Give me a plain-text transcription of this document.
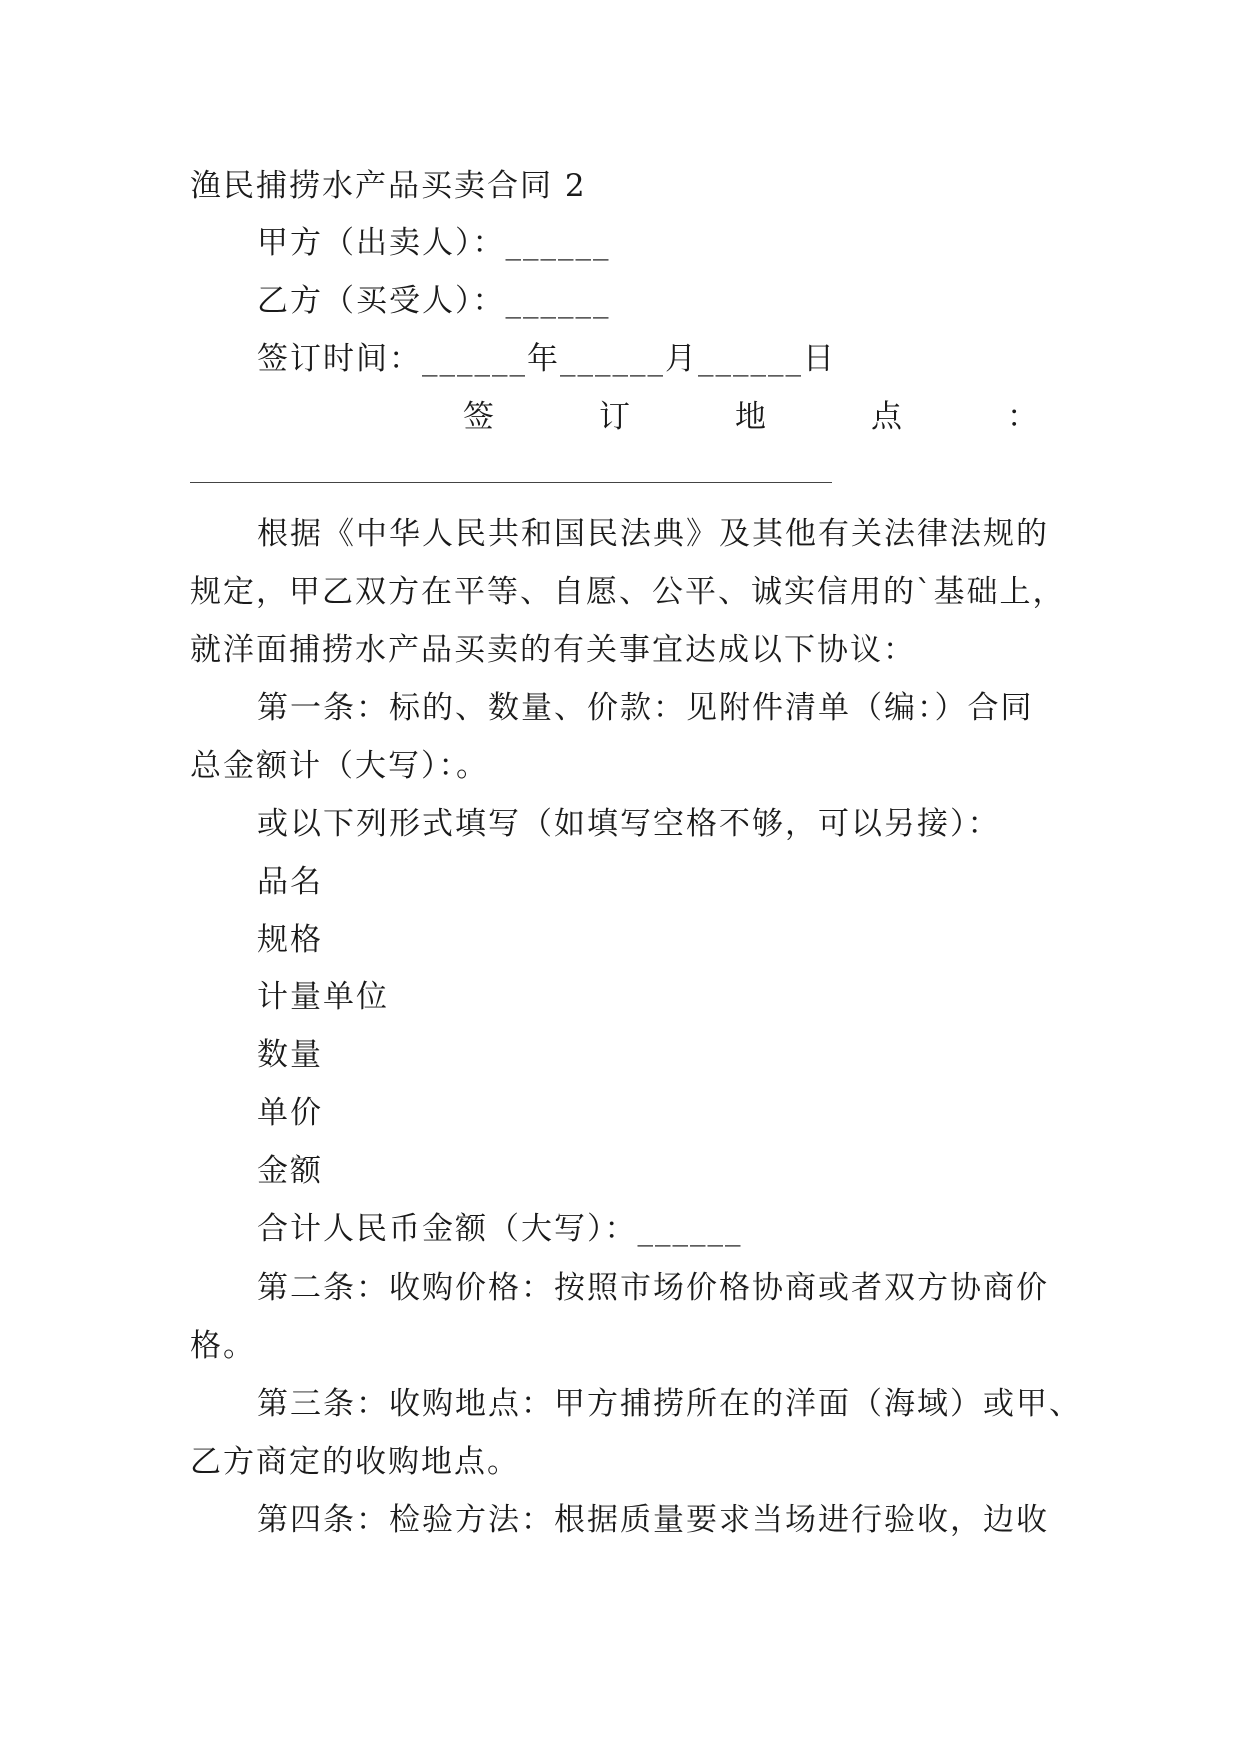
渔民捕捞水产品买卖合同 2
甲方（出卖人）：______
乙方（买受人）：______
签订时间：______年______月______日
签	订	地	点	：
根据《中华人民共和国民法典》及其他有关法律法规的
规定，甲乙双方在平等、自愿、公平、诚实信用的`基础上，
就洋面捕捞水产品买卖的有关事宜达成以下协议：
第一条：标的、数量、价款：见附件清单（编：）合同
总金额计（大写）：。
或以下列形式填写（如填写空格不够，可以另接）：
品名
规格
计量单位
数量
单价
金额
合计人民币金额（大写）：______
第二条：收购价格：按照市场价格协商或者双方协商价
格。
第三条：收购地点：甲方捕捞所在的洋面（海域）或甲、
乙方商定的收购地点。
第四条：检验方法：根据质量要求当场进行验收，边收
